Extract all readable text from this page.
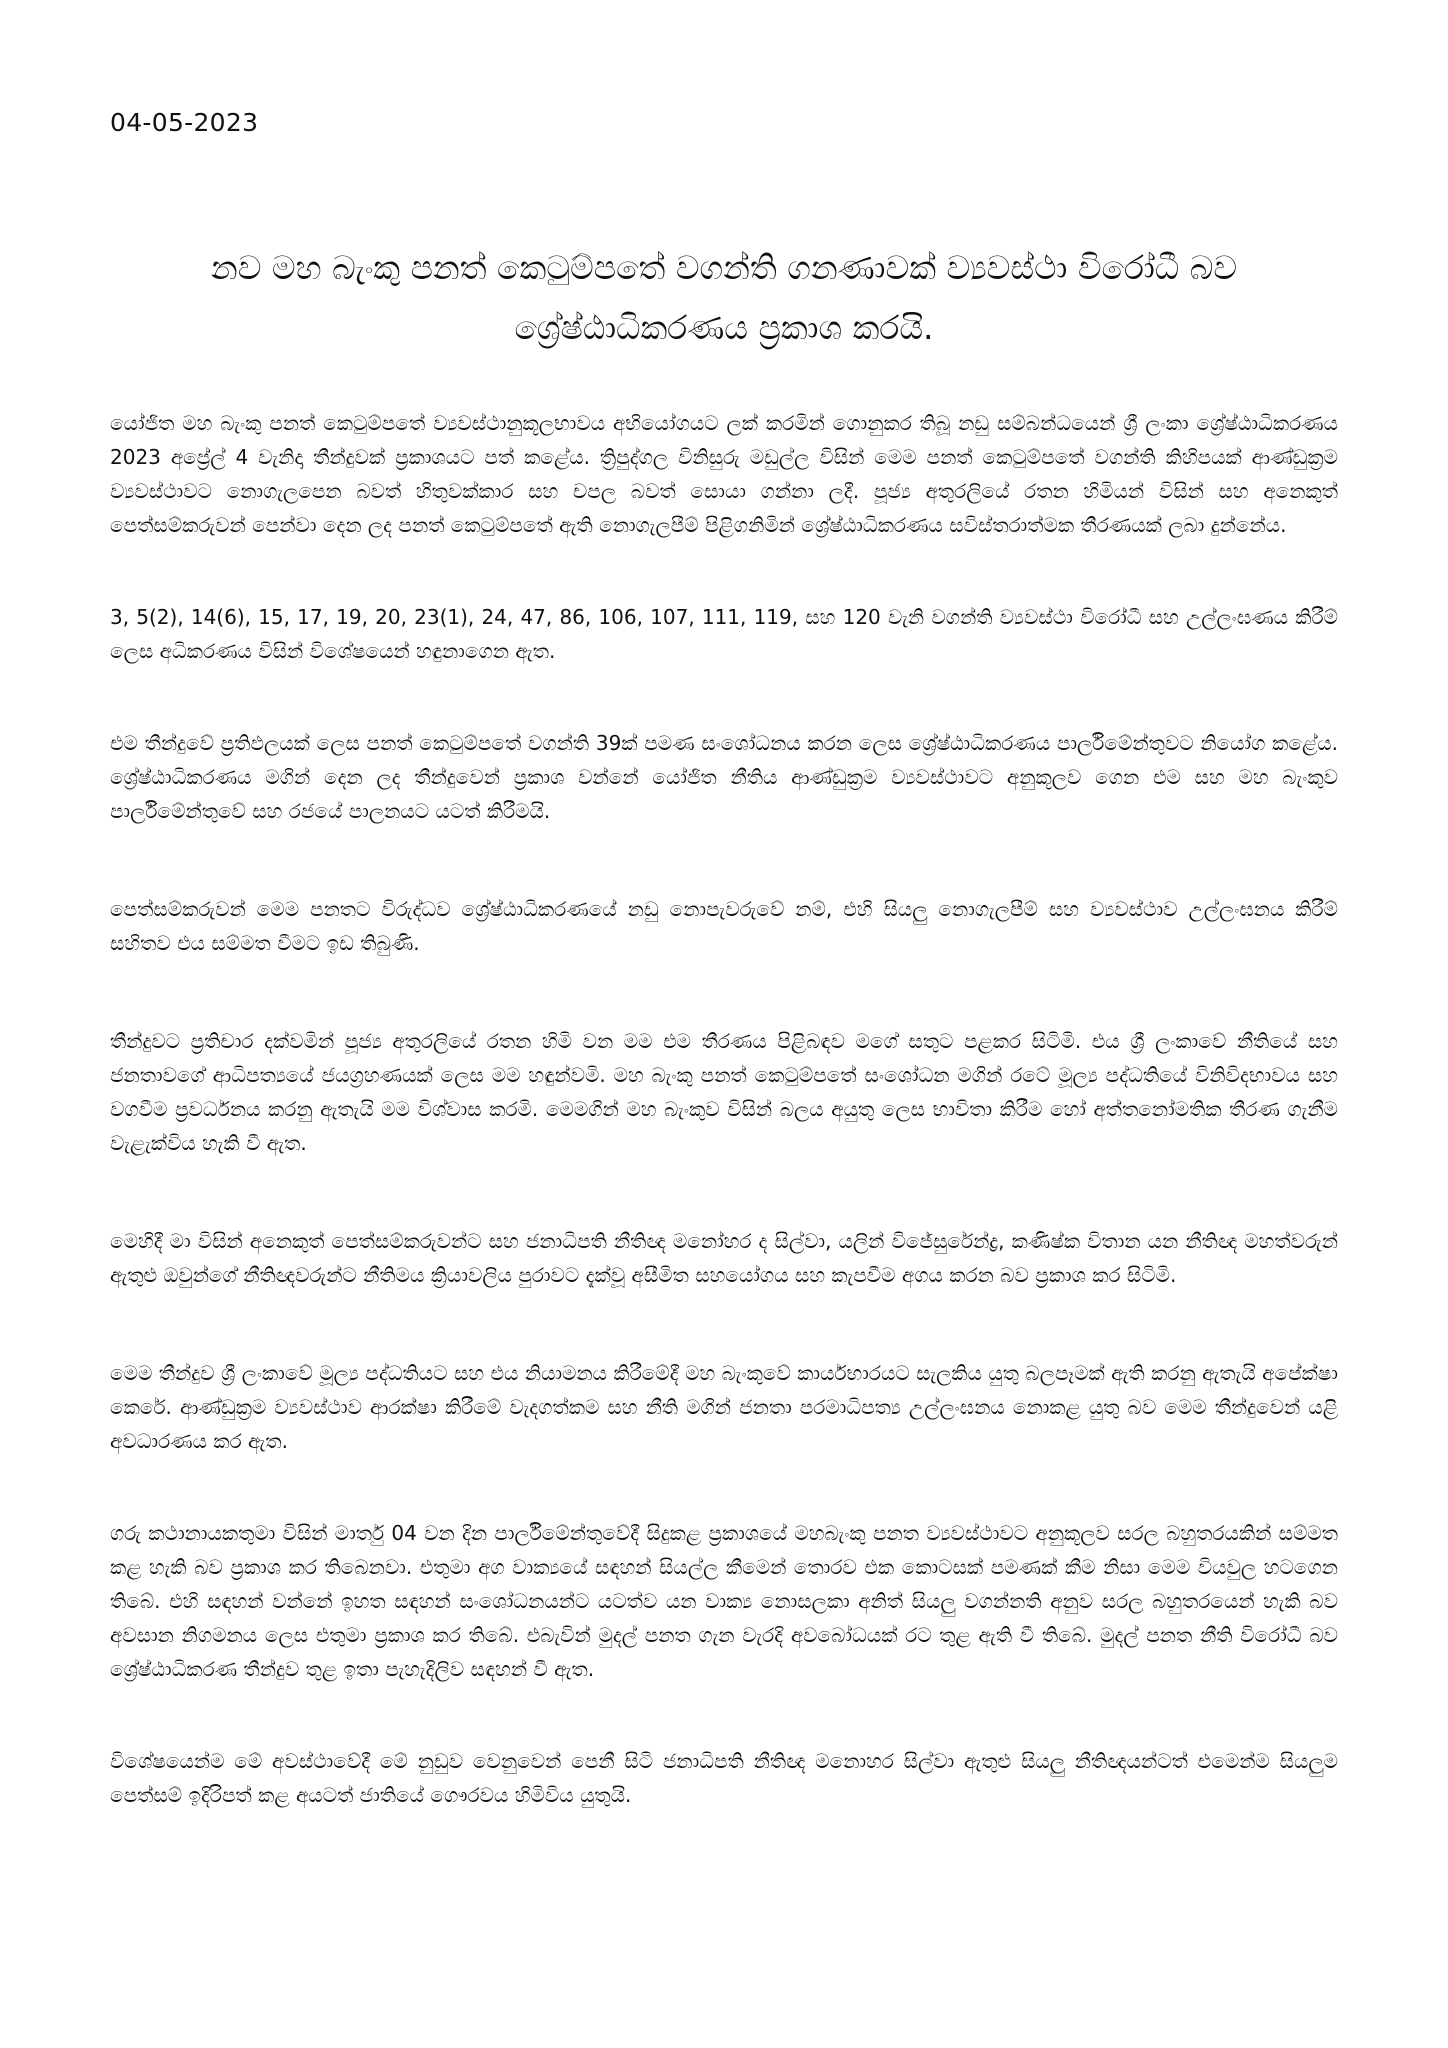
04-05-2023
නව මහ බැංකු පනත් කෙටුම්පතේ වගන්ති ගනණාවක් ව්‍යවස්ථා විරෝධී බව ශ්‍රේෂ්ඨාධිකරණය ප්‍රකාශ කරයි.

යෝජිත මහ බැංකු පනත් කෙටුම්පතේ ව්‍යවස්ථානුකූලභාවය අභියෝගයට ලක් කරමින් ගොනුකර තිබූ නඩු සම්බන්ධයෙන් ශ්‍රී ලංකා ශ්‍රේෂ්ඨාධිකරණය 2023 අප්‍රේල් 4 වැනිදා තීන්දුවක් ප්‍රකාශයට පත් කළේය. ත්‍රිපුද්ගල විනිසුරු මඩුල්ල විසින් මෙම පනත් කෙටුම්පතේ වගන්ති කිහිපයක් ආණ්ඩුක්‍රම ව්‍යවස්ථාවට නොගැලපෙන බවත් හිතුවක්කාර සහ චපල බවත් සොයා ගන්නා ලදී. පූජ්‍ය අතුරලියේ රතන හිමියන් විසින් සහ අනෙකුත් පෙත්සම්කරුවන් පෙන්වා දෙන ලද පනත් කෙටුම්පතේ ඇති නොගැලපීම් පිළිගනිමින් ශ්‍රේෂ්ඨාධිකරණය සවිස්තරාත්මක තීරණයක් ලබා දුන්නේය.

3, 5(2), 14(6), 15, 17, 19, 20, 23(1), 24, 47, 86, 106, 107, 111, 119, සහ 120 වැනි වගන්ති ව්‍යවස්ථා විරෝධී සහ උල්ලංඝණය කිරීම් ලෙස අධිකරණය විසින් විශේෂයෙන් හඳුනාගෙන ඇත.

එම තීන්දුවේ ප්‍රතිඵලයක් ලෙස පනත් කෙටුම්පතේ වගන්ති 39ක් පමණ සංශෝධනය කරන ලෙස ශ්‍රේෂ්ඨාධිකරණය පාර්ලිමේන්තුවට නියෝග කළේය. ශ්‍රේෂ්ඨාධිකරණය මගින් දෙන ලද තීන්දුවෙන් ප්‍රකාශ වන්නේ යෝජිත නීතිය ආණ්ඩුක්‍රම ව්‍යවස්ථාවට අනුකූලව ගෙන එම සහ මහ බැංකුව පාර්ලිමේන්තුවේ සහ රජයේ පාලනයට යටත් කිරීමයි.

පෙත්සම්කරුවන් මෙම පනතට විරුද්ධව ශ්‍රේෂ්ඨාධිකරණයේ නඩු නොපැවරුවේ නම්, එහි සියලු නොගැලපීම් සහ ව්‍යවස්ථාව උල්ලංඝනය කිරීම් සහිතව එය සම්මත වීමට ඉඩ තිබුණි.

තීන්දුවට ප්‍රතිචාර දක්වමින් පූජ්‍ය අතුරලියේ රතන හිමි වන මම එම තීරණය පිළිබඳව මගේ සතුට පළකර සිටිමි. එය ශ්‍රී ලංකාවේ නීතියේ සහ ජනතාවගේ ආධිපත්‍යයේ ජයග්‍රහණයක් ලෙස මම හඳුන්වමි. මහ බැංකු පනත් කෙටුම්පතේ සංශෝධන මගින් රටේ මූල්‍ය පද්ධතියේ විනිවිදභාවය සහ වගවීම ප්‍රවර්ධනය කරනු ඇතැයි මම විශ්වාස කරමි. මෙමගින් මහ බැංකුව විසින් බලය අයුතු ලෙස භාවිතා කිරීම හෝ අත්තනෝමතික තීරණ ගැනීම වැළැක්විය හැකි වී ඇත.

මෙහිදී මා විසින් අනෙකුත් පෙත්සම්කරුවන්ට සහ ජනාධිපති නීතිඥ මනෝහර ද සිල්වා, යලින් විජේසුරේන්ද්‍ර, කණිෂ්ක විතාන යන නීතිඥ මහත්වරුන් ඇතුළු ඔවුන්ගේ නීතිඥවරුන්ට නීතිමය ක්‍රියාවලිය පුරාවට දැක්වූ අසීමිත සහයෝගය සහ කැපවීම අගය කරන බව ප්‍රකාශ කර සිටිමි.

මෙම තීන්දුව ශ්‍රී ලංකාවේ මූල්‍ය පද්ධතියට සහ එය නියාමනය කිරීමේදී මහ බැංකුවේ කාර්යභාරයට සැලකිය යුතු බලපෑමක් ඇති කරනු ඇතැයි අපේක්ෂා කෙරේ. ආණ්ඩුක්‍රම ව්‍යවස්ථාව ආරක්ෂා කිරීමේ වැදගත්කම සහ නීති මගින් ජනතා පරමාධිපත්‍ය උල්ලංඝනය නොකළ යුතු බව මෙම තීන්දුවෙන් යළි අවධාරණය කර ඇත.

ගරු කථානායකතුමා විසින් මාර්තු 04 වන දින පාර්ලිමේන්තුවේදී සිදුකළ ප්‍රකාශයේ මහබැංකු පනත ව්‍යවස්ථාවට අනුකූලව සරල බහුතරයකින් සම්මත කළ හැකි බව ප්‍රකාශ කර තිබෙනවා. එතුමා අග වාක්‍යයේ සඳහන් සියල්ල කීමෙන් තොරව එක කොටසක් පමණක් කීම නිසා මෙම වියවුල හටගෙන තිබේ. එහි සඳහන් වන්නේ ඉහත සඳහන් සංශෝධනයන්ට යටත්ව යන වාක්‍ය නොසලකා අනිත් සියලු වගන්නති අනුව සරල බහුතරයෙන් හැකි බව අවසාන නිගමනය ලෙස එතුමා ප්‍රකාශ කර තිබේ. එබැවින් මුදල් පනත ගැන වැරදි අවබෝධයක් රට තුළ ඇති වී තිබේ. මුදල් පනත නීති විරෝධී බව ශ්‍රේෂ්ඨාධිකරණ තීන්දුව තුළ ඉතා පැහැදිලිව සඳහන් වී ඇත.

විශේෂයෙන්ම මේ අවස්ථාවේදී මේ නුඩුව වෙනුවෙන් පෙනී සිටි ජනාධිපති නීතිඥ මනොහර සිල්වා ඇතුළු සියලු නීතිඥයන්ටත් එමෙන්ම සියලුම පෙත්සම් ඉදිරිපත් කළ අයටත් ජාතියේ ගෞරවය හිමිවිය යුතුයි.
